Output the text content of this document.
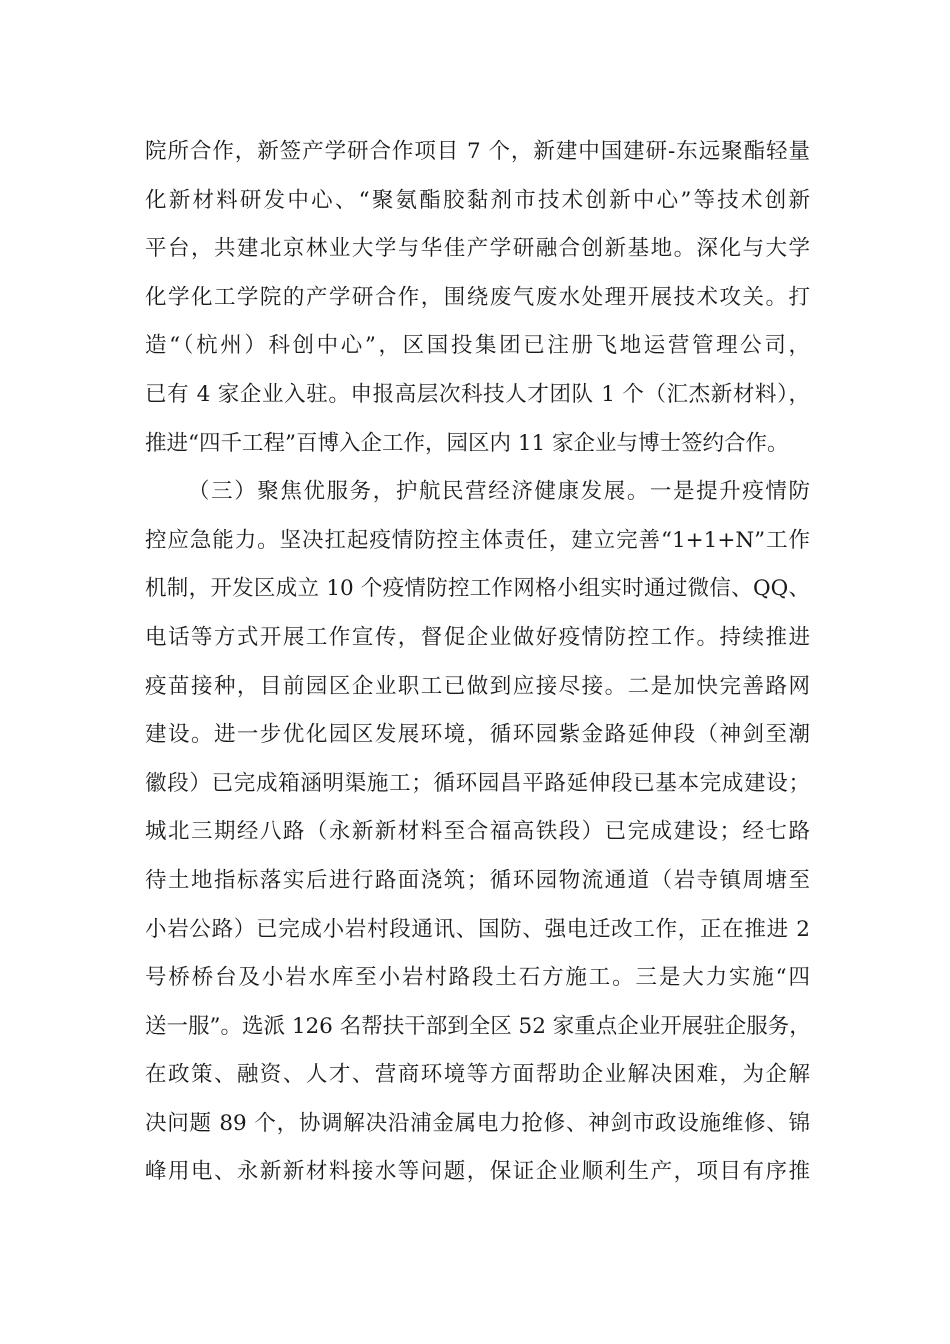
院所合作，新签产学研合作项目 7 个，新建中国建研-东远聚酯轻量
化新材料研发中心、“聚氨酯胶黏剂市技术创新中心”等技术创新
平台，共建北京林业大学与华佳产学研融合创新基地。深化与大学
化学化工学院的产学研合作，围绕废气废水处理开展技术攻关。打
造“（杭州）科创中心”，区国投集团已注册飞地运营管理公司，
已有 4 家企业入驻。申报高层次科技人才团队 1 个（汇杰新材料），
推进“四千工程”百博入企工作，园区内 11 家企业与博士签约合作。
（三）聚焦优服务，护航民营经济健康发展。一是提升疫情防
控应急能力。坚决扛起疫情防控主体责任，建立完善“1+1+N”工作
机制，开发区成立 10 个疫情防控工作网格小组实时通过微信、QQ、
电话等方式开展工作宣传，督促企业做好疫情防控工作。持续推进
疫苗接种，目前园区企业职工已做到应接尽接。二是加快完善路网
建设。进一步优化园区发展环境，循环园紫金路延伸段（神剑至潮
徽段）已完成箱涵明渠施工；循环园昌平路延伸段已基本完成建设；
城北三期经八路（永新新材料至合福高铁段）已完成建设；经七路
待土地指标落实后进行路面浇筑；循环园物流通道（岩寺镇周塘至
小岩公路）已完成小岩村段通讯、国防、强电迁改工作，正在推进 2
号桥桥台及小岩水库至小岩村路段土石方施工。三是大力实施“四
送一服”。选派 126 名帮扶干部到全区 52 家重点企业开展驻企服务，
在政策、融资、人才、营商环境等方面帮助企业解决困难，为企解
决问题 89 个，协调解决沿浦金属电力抢修、神剑市政设施维修、锦
峰用电、永新新材料接水等问题，保证企业顺利生产，项目有序推
